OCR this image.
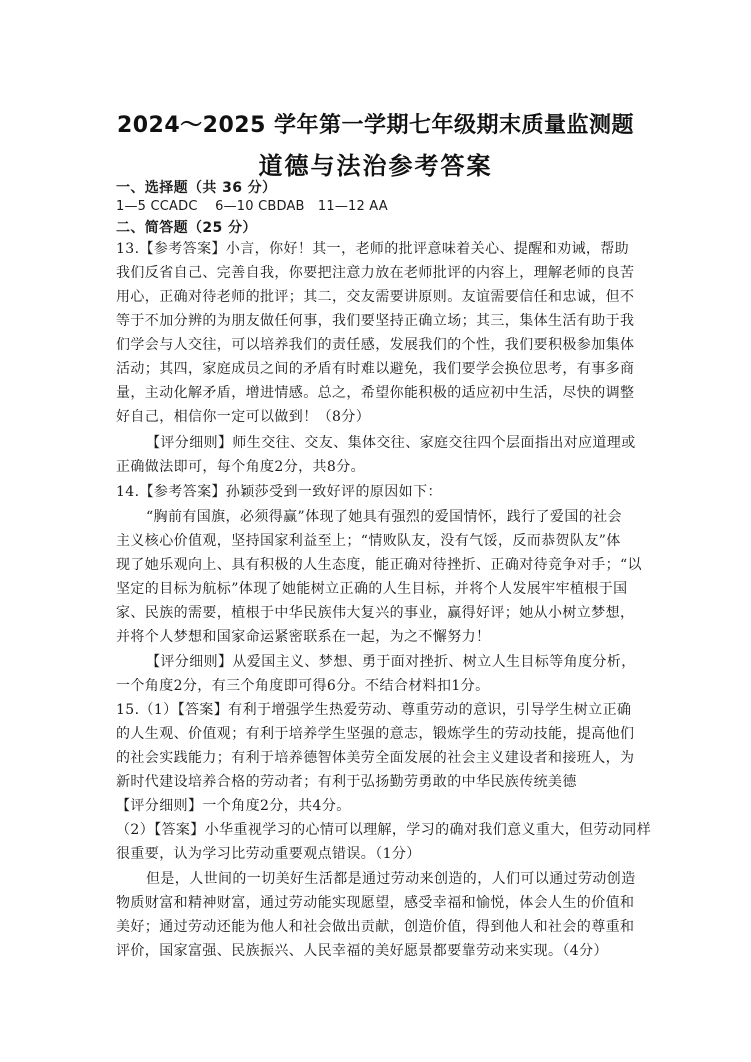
2024～2025 学年第一学期七年级期末质量监测题
道德与法治参考答案
一、选择题（共 36 分）
1—5 CCADC　 6—10 CBDAB　11—12 AA
二、简答题（25 分）
13.【参考答案】小言，你好！其一，老师的批评意味着关心、提醒和劝诫，帮助
我们反省自己、完善自我，你要把注意力放在老师批评的内容上，理解老师的良苦
用心，正确对待老师的批评；其二，交友需要讲原则。友谊需要信任和忠诚，但不
等于不加分辨的为朋友做任何事，我们要坚持正确立场；其三，集体生活有助于我
们学会与人交往，可以培养我们的责任感，发展我们的个性，我们要积极参加集体
活动；其四，家庭成员之间的矛盾有时难以避免，我们要学会换位思考，有事多商
量，主动化解矛盾，增进情感。总之，希望你能积极的适应初中生活，尽快的调整
好自己，相信你一定可以做到！（8分）
【评分细则】师生交往、交友、集体交往、家庭交往四个层面指出对应道理或
正确做法即可，每个角度2分，共8分。
14.【参考答案】孙颖莎受到一致好评的原因如下：
“胸前有国旗，必须得赢”体现了她具有强烈的爱国情怀，践行了爱国的社会
主义核心价值观，坚持国家利益至上；“情败队友，没有气馁，反而恭贺队友”体
现了她乐观向上、具有积极的人生态度，能正确对待挫折、正确对待竞争对手；“以
坚定的目标为航标”体现了她能树立正确的人生目标，并将个人发展牢牢植根于国
家、民族的需要，植根于中华民族伟大复兴的事业，赢得好评；她从小树立梦想，
并将个人梦想和国家命运紧密联系在一起，为之不懈努力！
【评分细则】从爱国主义、梦想、勇于面对挫折、树立人生目标等角度分析，
一个角度2分，有三个角度即可得6分。不结合材料扣1分。
15.（1）【答案】有利于增强学生热爱劳动、尊重劳动的意识，引导学生树立正确
的人生观、价值观；有利于培养学生坚强的意志，锻炼学生的劳动技能，提高他们
的社会实践能力；有利于培养德智体美劳全面发展的社会主义建设者和接班人，为
新时代建设培养合格的劳动者；有利于弘扬勤劳勇敢的中华民族传统美德
【评分细则】一个角度2分，共4分。
（2）【答案】小华重视学习的心情可以理解，学习的确对我们意义重大，但劳动同样
很重要，认为学习比劳动重要观点错误。（1分）
但是，人世间的一切美好生活都是通过劳动来创造的，人们可以通过劳动创造
物质财富和精神财富，通过劳动能实现愿望，感受幸福和愉悦，体会人生的价值和
美好；通过劳动还能为他人和社会做出贡献，创造价值，得到他人和社会的尊重和
评价，国家富强、民族振兴、人民幸福的美好愿景都要靠劳动来实现。（4分）
